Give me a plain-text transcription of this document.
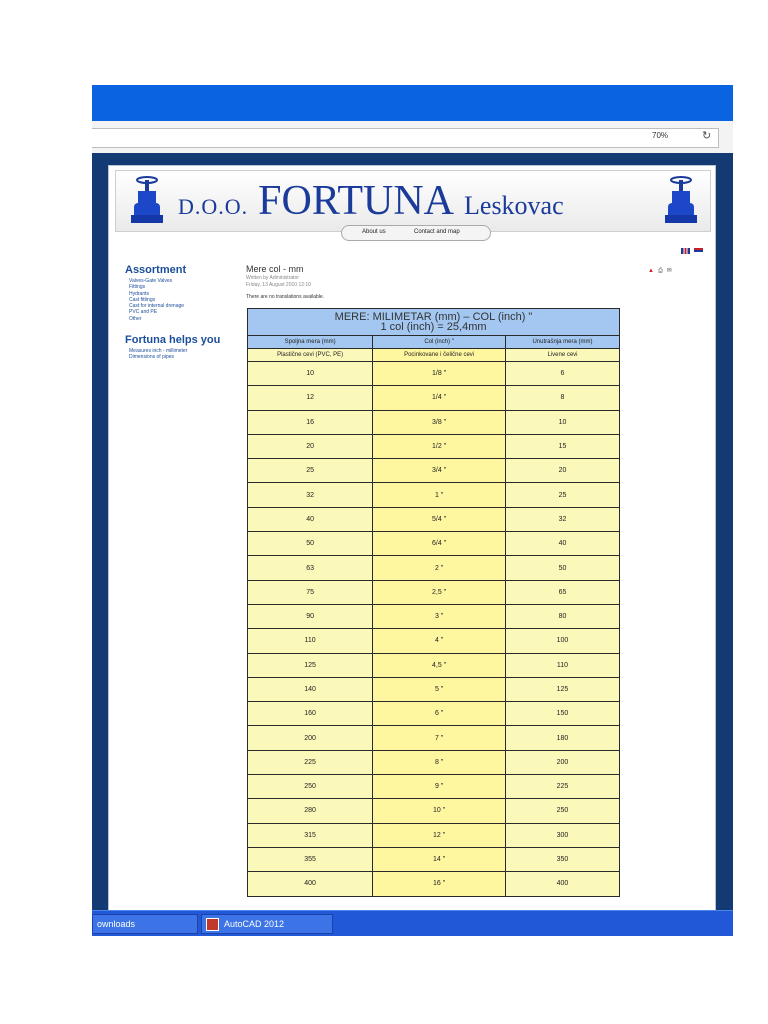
70%	↻
D.O.O. FORTUNA Leskovac
About us	Contact and map

Assortment
Valves-Gate Valves
Fittings
Hydrants
Cast fittings
Cast for internal drenage
PVC and PE
Other
Fortuna helps you
Measures inch - millimeter
Dimensions of pipes
Mere col - mm
Written by Administrator
Friday, 13 August 2010 12:10
There are no translations available.
▲ ⎙ ✉
MERE: MILIMETAR (mm) – COL (inch) "
1 col (inch) = 25,4mm		

Spoljna mera (mm)	Col (inch) "	Unutrašnja mera (mm)
Plastične cevi (PVC, PE)	Pocinkovane i čelične cevi	Livene cevi
10	1/8 "	6
12	1/4 "	8
16	3/8 "	10
20	1/2 "	15
25	3/4 "	20
32	1 "	25
40	5/4 "	32
50	6/4 "	40
63	2 "	50
75	2,5 "	65
90	3 "	80
110	4 "	100
125	4,5 "	110
140	5 "	125
160	6 "	150
200	7 "	180
225	8 "	200
250	9 "	225
280	10 "	250
315	12 "	300
355	14 "	350
400	16 "	400
ownloads	AutoCAD 2012
